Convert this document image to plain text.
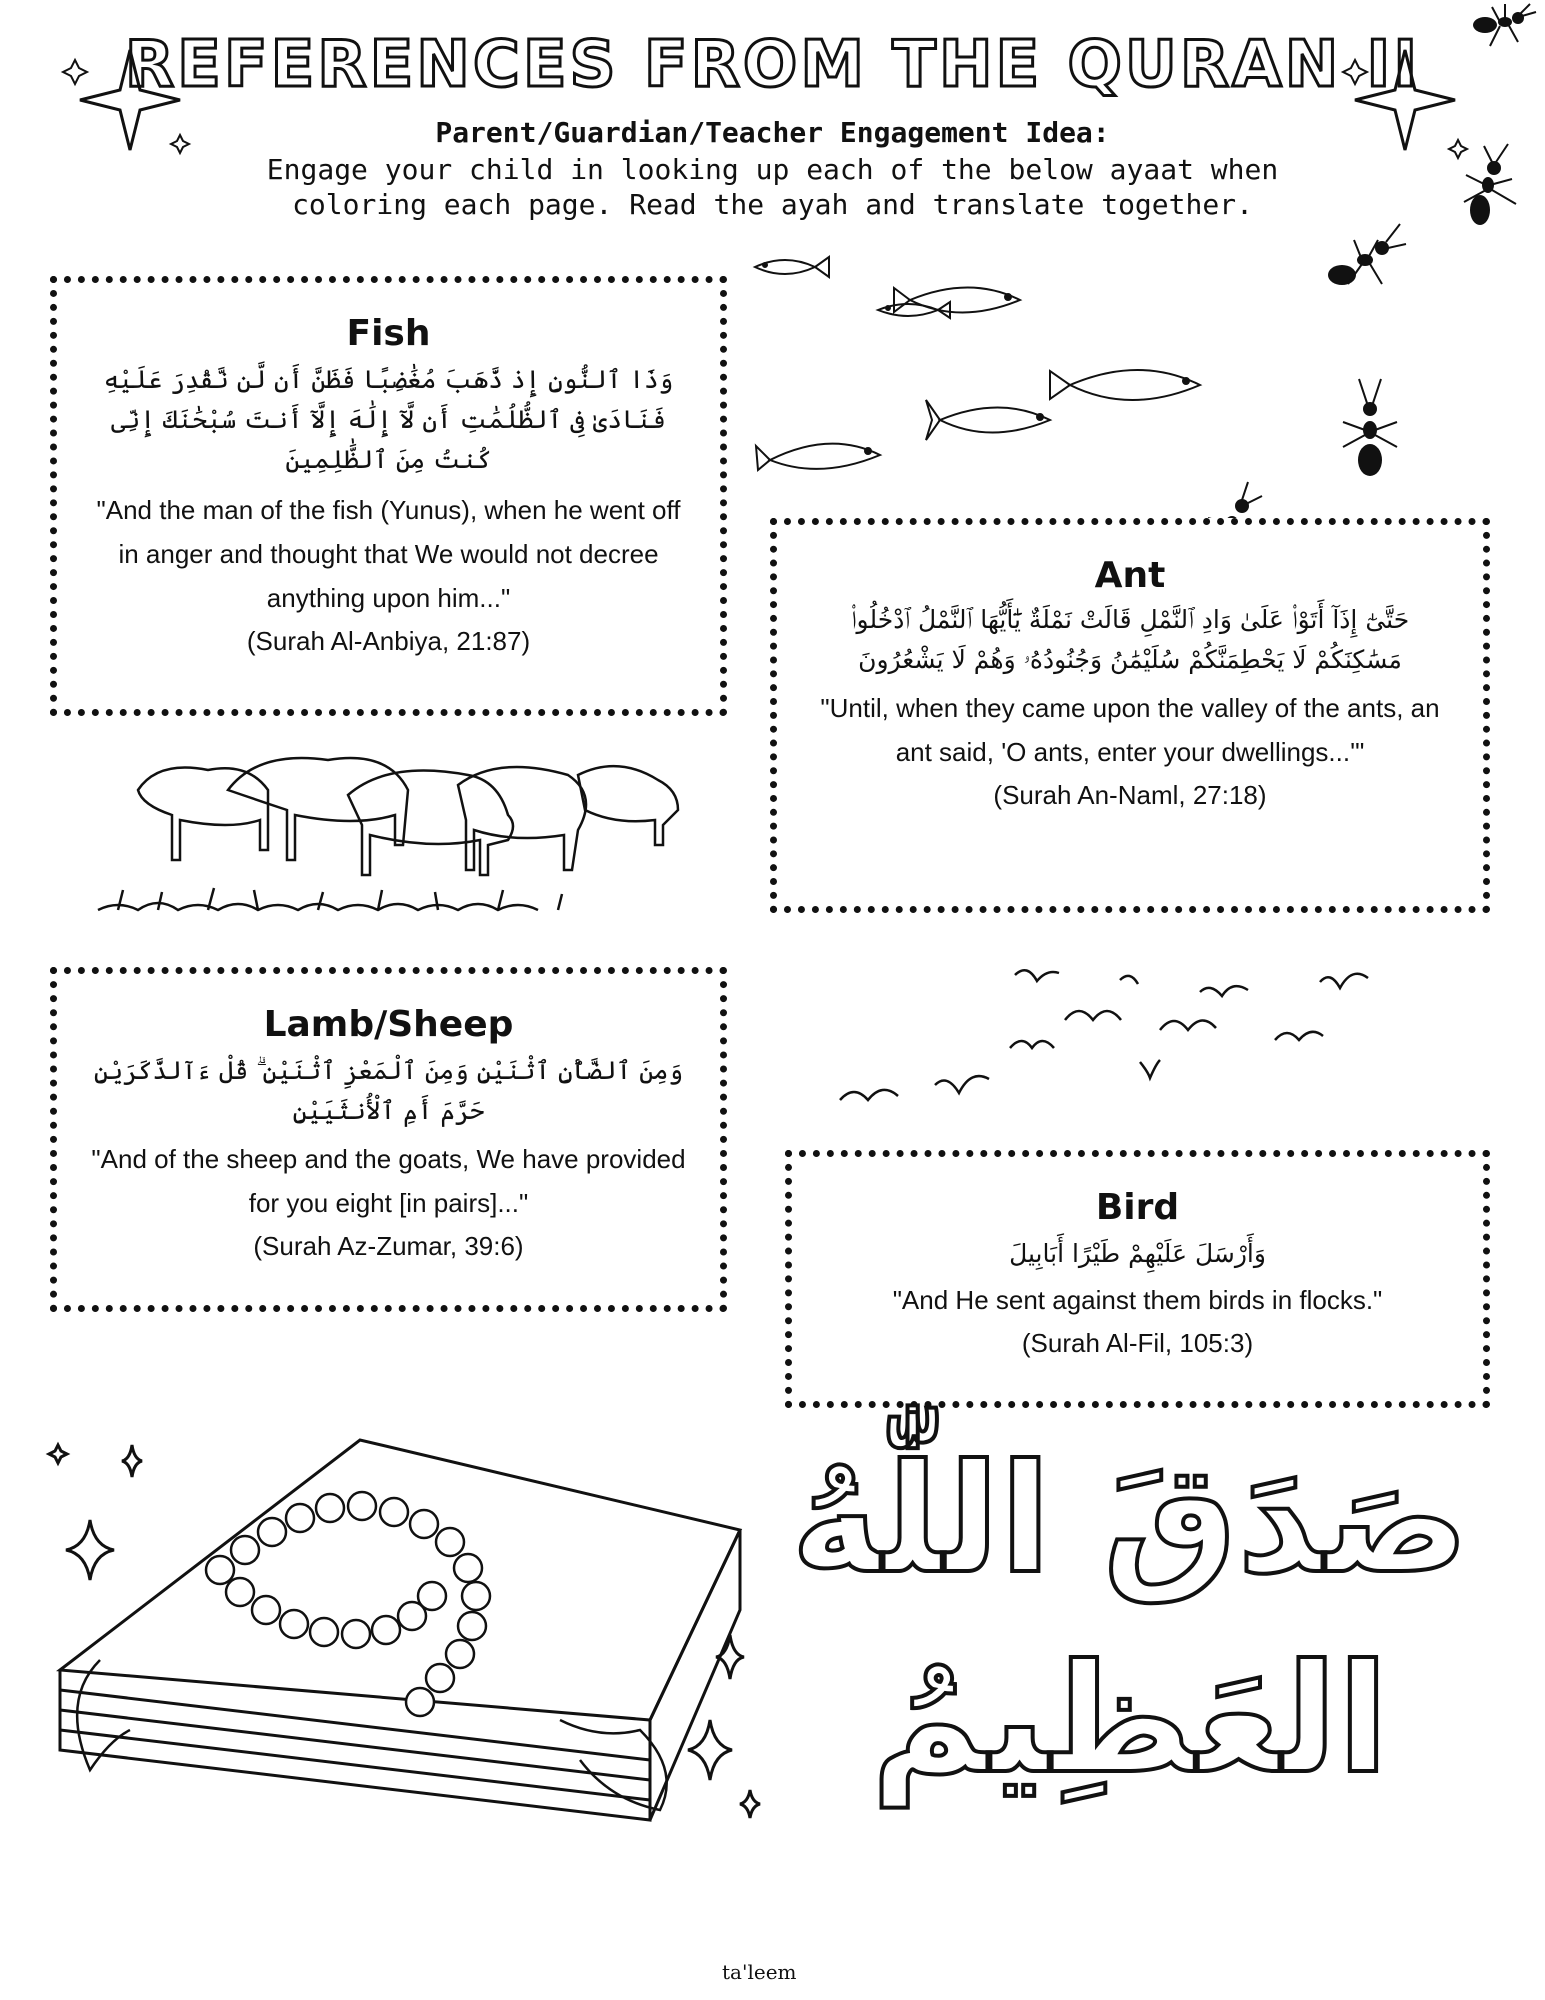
REFERENCES FROM THE QURAN II
Parent/Guardian/Teacher Engagement Idea:
Engage your child in looking up each of the below ayaat when coloring each page. Read the ayah and translate together.
Fish
وَذَا ٱلنُّونِ إِذ ذَّهَبَ مُغَٰضِبًا فَظَنَّ أَن لَّن نَّقْدِرَ عَلَيْهِ فَنَادَىٰ فِى ٱلظُّلُمَٰتِ أَن لَّآ إِلَٰهَ إِلَّآ أَنتَ سُبْحَٰنَكَ إِنِّى كُنتُ مِنَ ٱلظَّٰلِمِينَ
"And the man of the fish (Yunus), when he went off in anger and thought that We would not decree anything upon him..."
(Surah Al-Anbiya, 21:87)
Ant
حَتَّىٰٓ إِذَآ أَتَوْا۟ عَلَىٰ وَادِ ٱلنَّمْلِ قَالَتْ نَمْلَةٌ يَٰٓأَيُّهَا ٱلنَّمْلُ ٱدْخُلُوا۟ مَسَٰكِنَكُمْ لَا يَحْطِمَنَّكُمْ سُلَيْمَٰنُ وَجُنُودُهُۥ وَهُمْ لَا يَشْعُرُونَ
"Until, when they came upon the valley of the ants, an ant said, 'O ants, enter your dwellings...'"
(Surah An-Naml, 27:18)
Lamb/Sheep
وَمِنَ ٱلضَّأْنِ ٱثْنَيْنِ وَمِنَ ٱلْمَعْزِ ٱثْنَيْنِ ۗ قُلْ ءَآلذَّكَرَيْنِ حَرَّمَ أَمِ ٱلْأُنثَيَيْنِ
"And of the sheep and the goats, We have provided for you eight [in pairs]..."
(Surah Az-Zumar, 39:6)
Bird
وَأَرْسَلَ عَلَيْهِمْ طَيْرًا أَبَابِيلَ
"And He sent against them birds in flocks."
(Surah Al-Fil, 105:3)
صَدَقَ اللّٰهُ
العَظِيمُ
ta'leem
